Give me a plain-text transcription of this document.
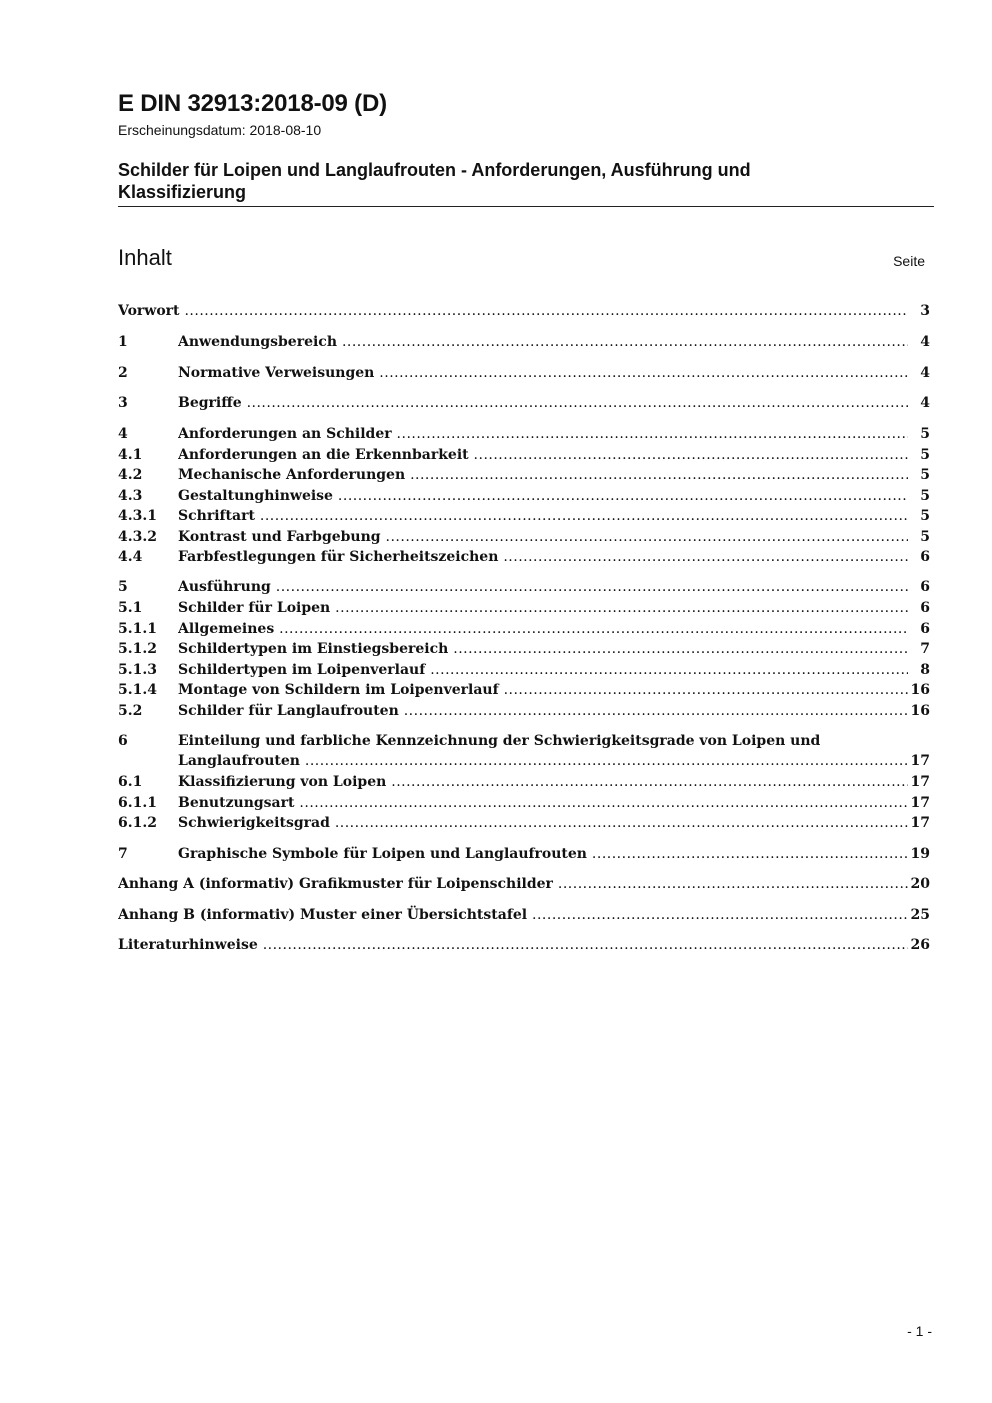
E DIN 32913:2018-09 (D)
Erscheinungsdatum: 2018-08-10
Schilder für Loipen und Langlaufrouten - Anforderungen, Ausführung und Klassifizierung
Inhalt	Seite
Vorwort .....	3
1	Anwendungsbereich .....	4
2	Normative Verweisungen .....	4
3	Begriffe .....	4
4	Anforderungen an Schilder .....	5
4.1	Anforderungen an die Erkennbarkeit .....	5
4.2	Mechanische Anforderungen .....	5
4.3	Gestaltunghinweise .....	5
4.3.1 Schriftart .....	5
4.3.2 Kontrast und Farbgebung .....	5
4.4	Farbfestlegungen für Sicherheitszeichen .....	6
5	Ausführung .....	6
5.1	Schilder für Loipen .....	6
5.1.1 Allgemeines .....	6
5.1.2 Schildertypen im Einstiegsbereich .....	7
5.1.3 Schildertypen im Loipenverlauf .....	8
5.1.4 Montage von Schildern im Loipenverlauf .....	16
5.2	Schilder für Langlaufrouten .....	16
6	Einteilung und farbliche Kennzeichnung der Schwierigkeitsgrade von Loipen und
Langlaufrouten .....	17
6.1	Klassifizierung von Loipen .....	17
6.1.1 Benutzungsart .....	17
6.1.2 Schwierigkeitsgrad .....	17
7	Graphische Symbole für Loipen und Langlaufrouten .....	19
Anhang A (informativ) Grafikmuster für Loipenschilder .....	20
Anhang B (informativ) Muster einer Übersichtstafel .....	25
Literaturhinweise .....	26
- 1 -
